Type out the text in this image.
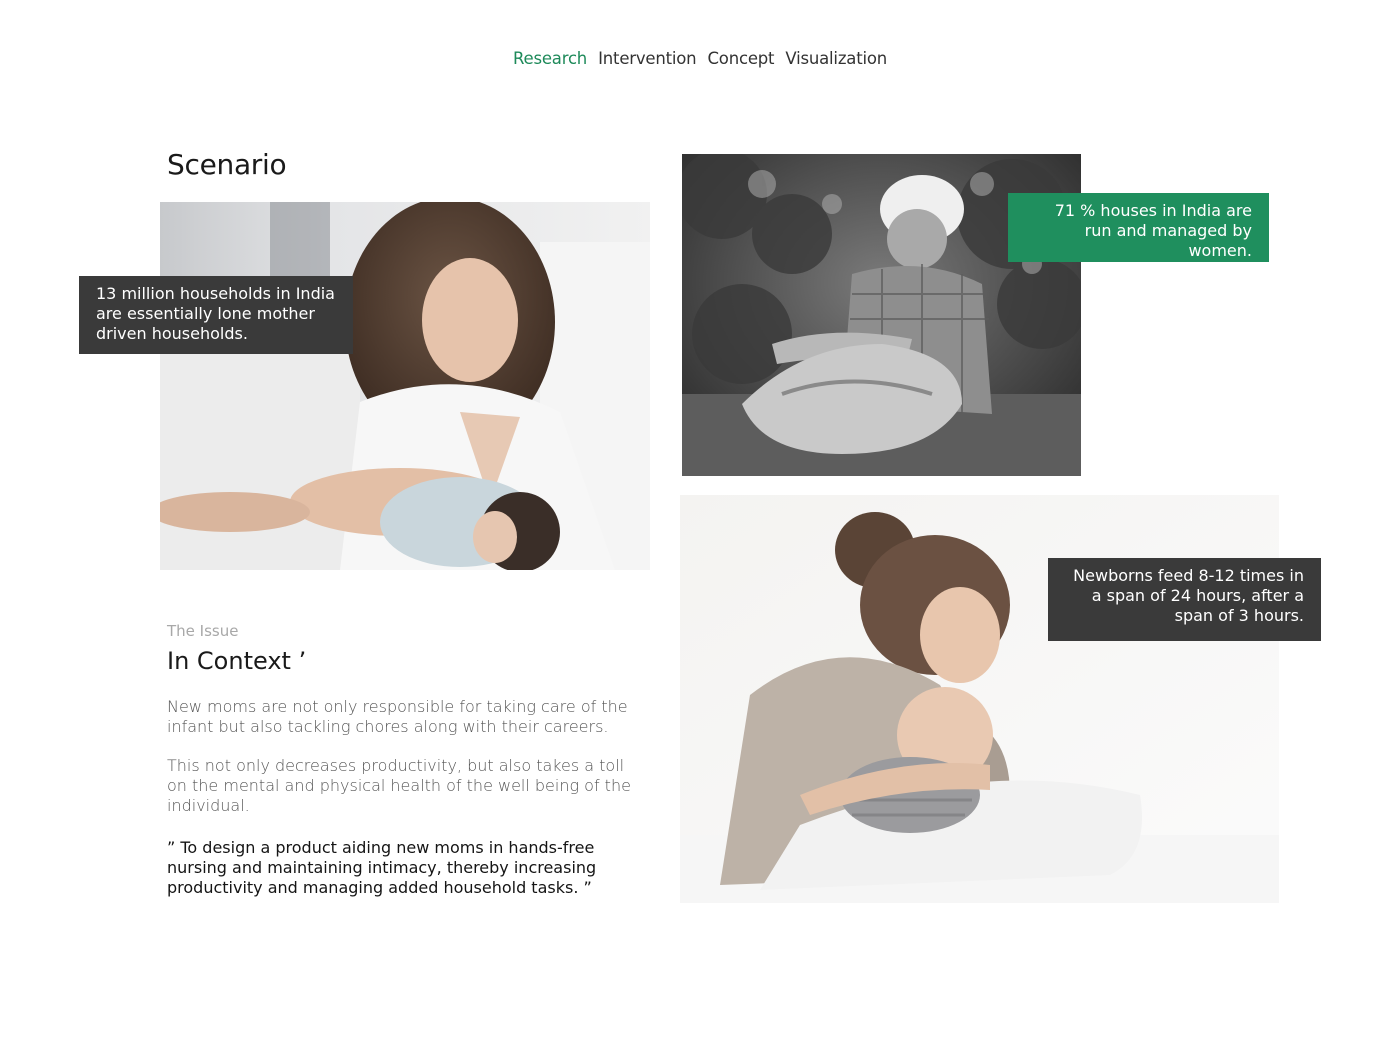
Research Intervention Concept Visualization
Scenario
13 million households in India are essentially lone mother driven households.
71 % houses in India are run and managed by women.
Newborns feed 8-12 times in a span of 24 hours, after a span of 3 hours.
The Issue
In Context ’

New moms are not only responsible for taking care of the infant but also tackling chores along with their careers.

This not only decreases productivity, but also takes a toll on the mental and physical health of the well being of the individual.

” To design a product aiding new moms in hands-free nursing and maintaining intimacy, thereby increasing productivity and managing added household tasks. ”
